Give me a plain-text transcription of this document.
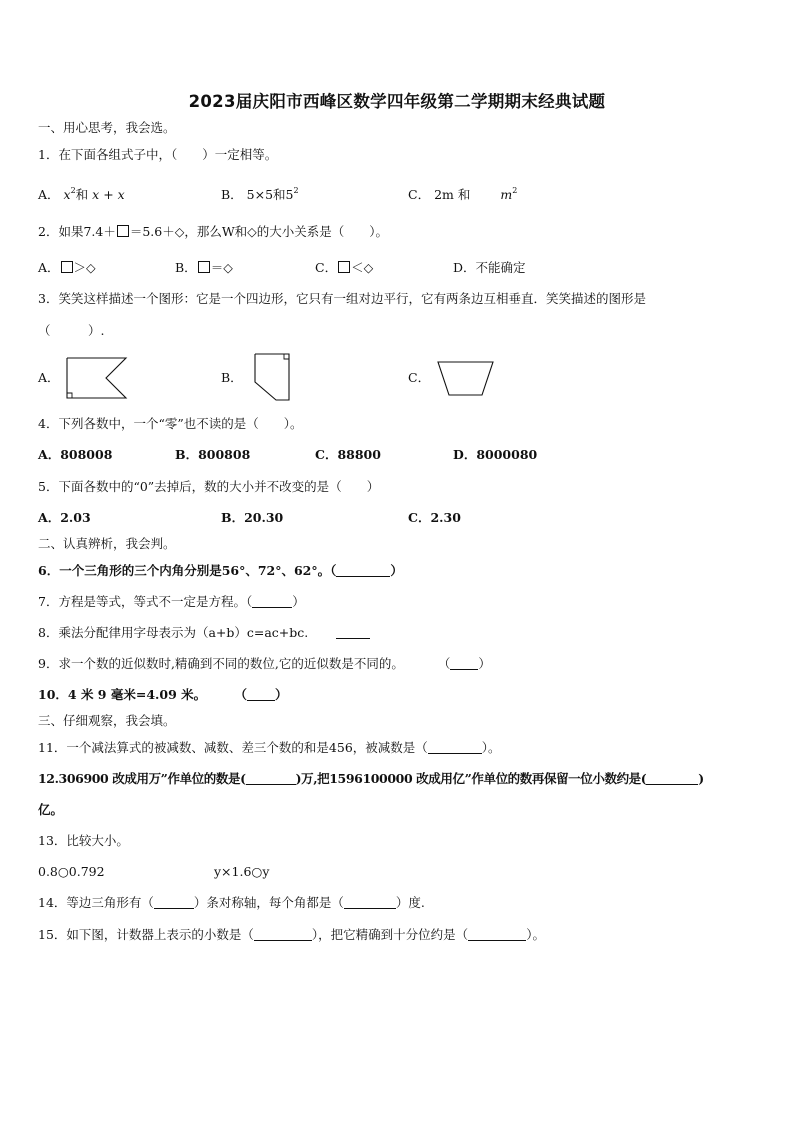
2023届庆阳市西峰区数学四年级第二学期期末经典试题
一、用心思考，我会选。
1．在下面各组式子中，（　　）一定相等。
A． $x^2$和 x + x	B． 5×5和$5^2$	C． 2m 和 $m^2$
2．如果7.4＋ ＝5.6＋◇，那么W和◇的大小关系是（　　）。
A． ＞◇	B． ＝◇	C． ＜◇	D．不能确定
3．笑笑这样描述一个图形：它是一个四边形，它只有一组对边平行，它有两条边互相垂直．笑笑描述的图形是
（　　　）.
A．	B．	C．
4．下列各数中，一个“零”也不读的是（　　）。
A．808008	B．800808	C．88800	D．8000080
5．下面各数中的“0”去掉后，数的大小并不改变的是（　　）
A．2.03	B．20.30	C．2.30
二、认真辨析，我会判。
6．一个三角形的三个内角分别是56°、72°、62°。（	）
7．方程是等式，等式不一定是方程。（	）
8．乘法分配律用字母表示为（a+b）c=ac+bc.
9．求一个数的近似数时,精确到不同的数位,它的近似数是不同的。	（ ）
10．4 米 9 毫米=4.09 米。 （ ）
三、仔细观察，我会填。
11．一个减法算式的被减数、减数、差三个数的和是456，被减数是（	）。
12.306900 改成用万”作单位的数是(	)万,把1596100000 改成用亿”作单位的数再保留一位小数约是(	)
亿。
13．比较大小。
0.8○0.792	y×1.6○y
14．等边三角形有（	）条对称轴，每个角都是（	）度.
15．如下图，计数器上表示的小数是（	），把它精确到十分位约是（	）。
